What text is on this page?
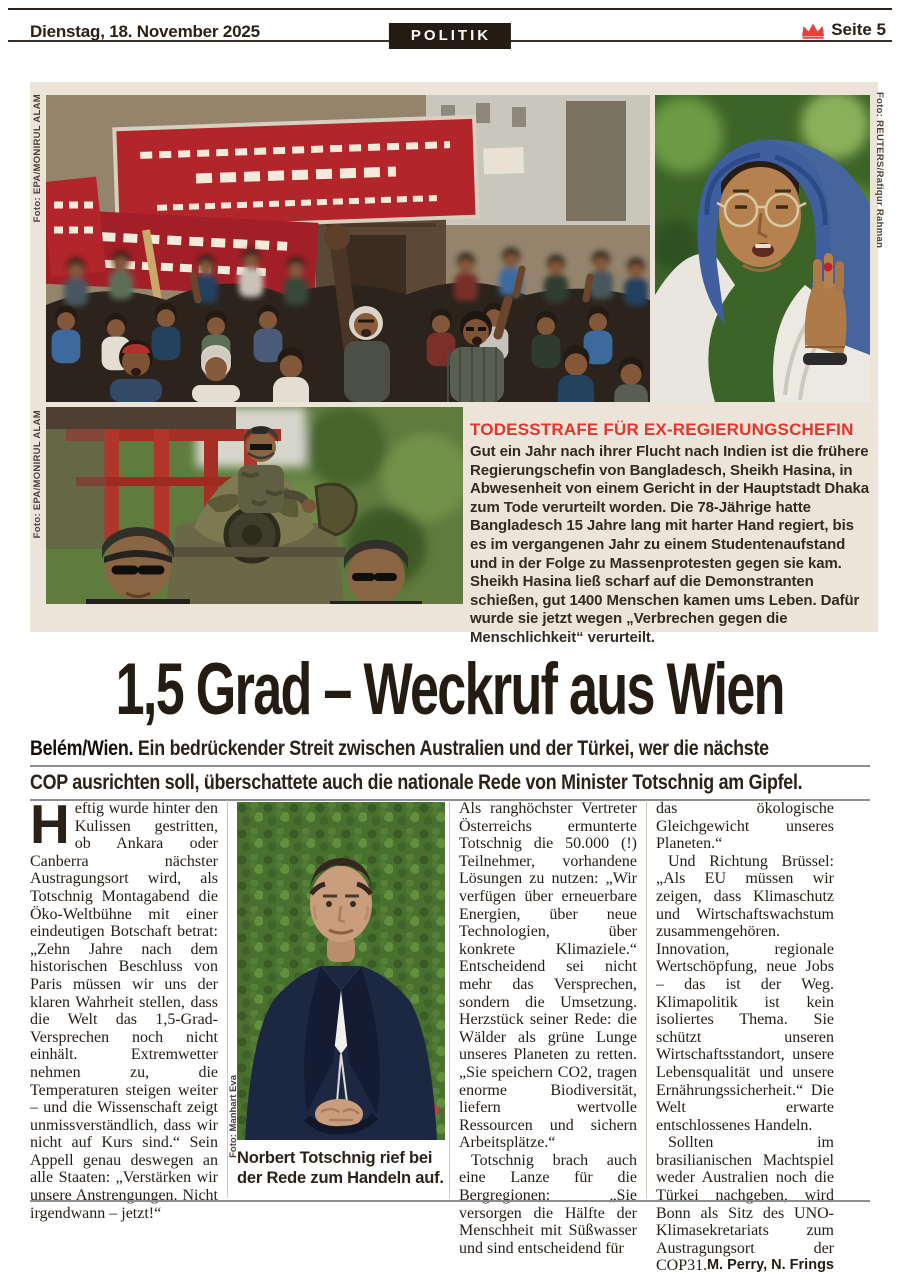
Dienstag, 18. November 2025	POLITIK	Seite 5
Foto: EPA/MONIRUL ALAM
Foto: EPA/MONIRUL ALAM
Foto: REUTERS/Rafiqur Rahman

TODESSTRAFE FÜR EX-REGIERUNGSCHEFIN

Gut ein Jahr nach ihrer Flucht nach Indien ist die frühere Regierungschefin von Bangladesch, Sheikh Hasina, in Abwesenheit von einem Gericht in der Hauptstadt Dhaka zum Tode verurteilt worden. Die 78-Jährige hatte Bangladesch 15 Jahre lang mit harter Hand regiert, bis es im vergangenen Jahr zu einem Studentenaufstand und in der Folge zu Massenprotesten gegen sie kam. Sheikh Hasina ließ scharf auf die Demonstranten schießen, gut 1400 Menschen kamen ums Leben. Dafür wurde sie jetzt wegen „Verbrechen gegen die Menschlichkeit“ verurteilt.

1,5 Grad – Weckruf aus Wien
Belém/Wien. Ein bedrückender Streit zwischen Australien und der Türkei, wer die nächste
COP ausrichten soll, überschattete auch die nationale Rede von Minister Totschnig am Gipfel.

Heftig wurde hinter den Kulissen gestritten, ob Ankara oder Canberra nächster Austragungsort wird, als Totschnig Montagabend die Öko-Weltbühne mit einer eindeutigen Botschaft betrat: „Zehn Jahre nach dem historischen Beschluss von Paris müssen wir uns der klaren Wahrheit stellen, dass die Welt das 1,5-Grad-Versprechen noch nicht einhält. Extremwetter nehmen zu, die Temperaturen steigen weiter – und die Wissenschaft zeigt unmissverständlich, dass wir nicht auf Kurs sind.“ Sein Appell genau deswegen an alle Staaten: „Verstärken wir unsere Anstrengungen. Nicht irgendwann – jetzt!“

Foto: Manhart Eva

Norbert Totschnig rief bei der Rede zum Handeln auf.

Als ranghöchster Vertreter Österreichs ermunterte Totschnig die 50.000 (!) Teilnehmer, vorhandene Lösungen zu nutzen: „Wir verfügen über erneuerbare Energien, über neue Technologien, über konkrete Klimaziele.“ Entscheidend sei nicht mehr das Versprechen, sondern die Umsetzung. Herzstück seiner Rede: die Wälder als grüne Lunge unseres Planeten zu retten. „Sie speichern CO2, tragen enorme Biodiversität, liefern wertvolle Ressourcen und sichern Arbeitsplätze.“

Totschnig brach auch eine Lanze für die Bergregionen: „Sie versorgen die Hälfte der Menschheit mit Süßwasser und sind entscheidend für

das ökologische Gleichgewicht unseres Planeten.“

Und Richtung Brüssel: „Als EU müssen wir zeigen, dass Klimaschutz und Wirtschaftswachstum zusammengehören. Innovation, regionale Wertschöpfung, neue Jobs – das ist der Weg. Klimapolitik ist kein isoliertes Thema. Sie schützt unseren Wirtschaftsstandort, unsere Lebensqualität und unsere Ernährungssicherheit.“ Die Welt erwarte entschlossenes Handeln.

Sollten im brasilianischen Machtspiel weder Australien noch die Türkei nachgeben, wird Bonn als Sitz des UNO-Klimasekretariats zum Austragungsort der COP31. M. Perry, N. Frings
